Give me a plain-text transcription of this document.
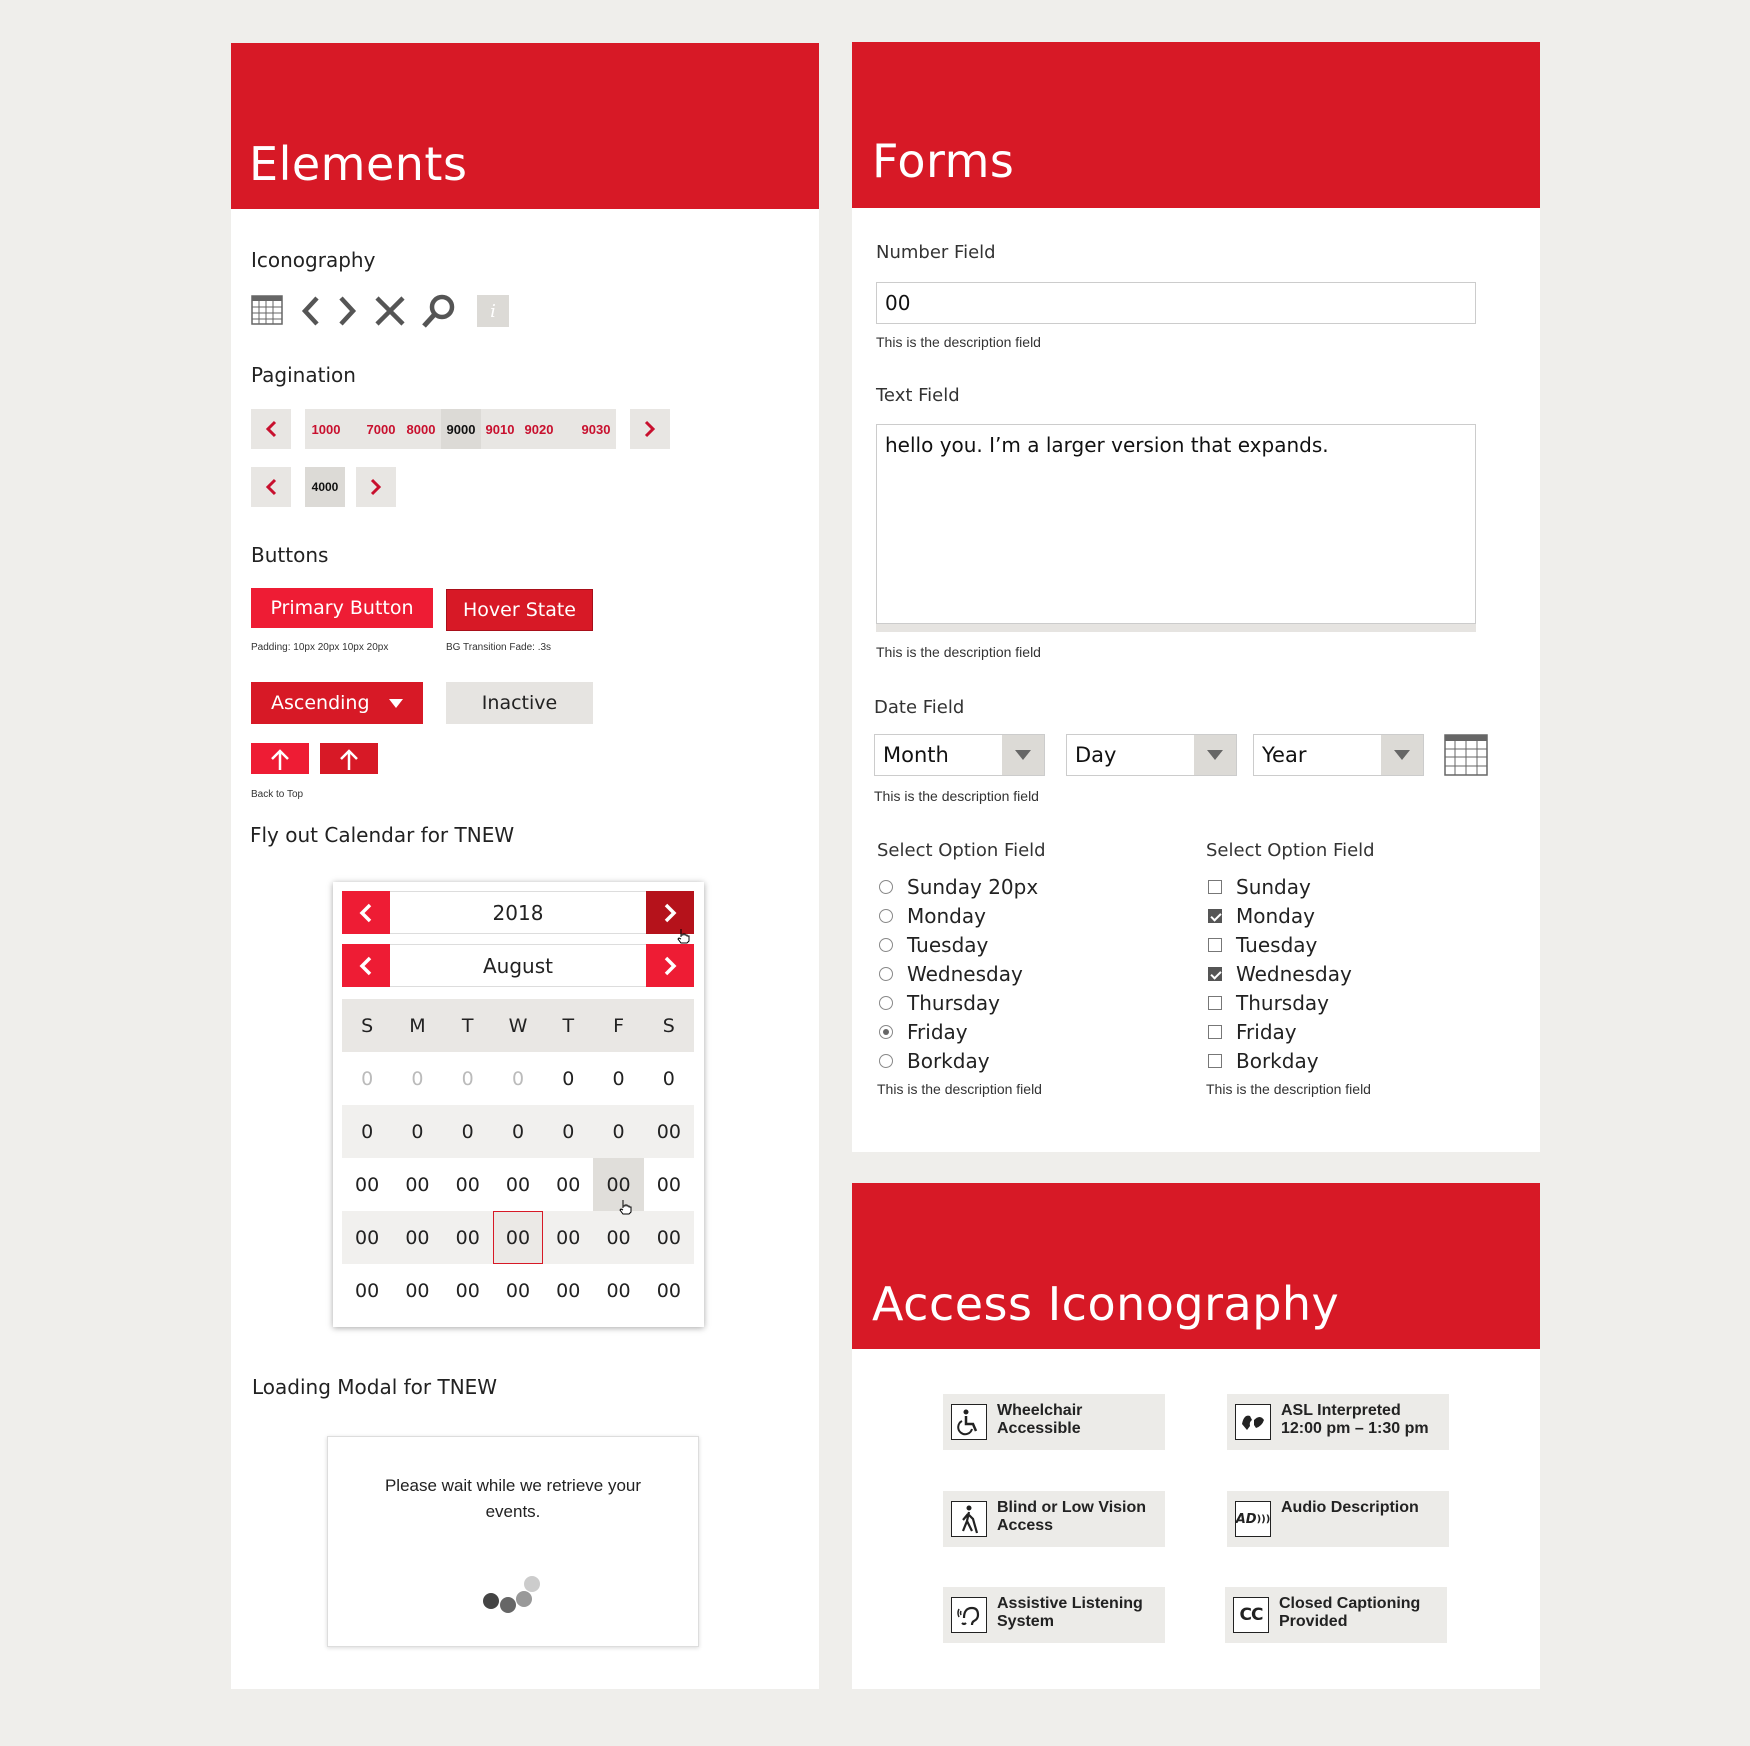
Elements
Iconography
i
Pagination
1000	7000 8000 9000 9010 9020	9030
4000
Buttons
Primary Button	Hover State
Padding: 10px 20px 10px 20px	BG Transition Fade: .3s
Ascending	Inactive
Back to Top
Fly out Calendar for TNEW
Loading Modal for TNEW
2018
August
S	M	T	W	T	F	S
0	0	0	0	0	0	0
0	0	0	0	0	0	00
00	00	00	00	00	00	00
00	00	00	00	00	00	00
00	00	00	00	00	00	00
Please wait while we retrieve your events.
Forms
Number Field
00
This is the description field
Text Field
hello you. I’m a larger version that expands.
This is the description field
Date Field
Month	Day	Year
This is the description field
Select Option Field
Sunday 20px
Monday
Tuesday
Wednesday
Thursday
Friday
Borkday
This is the description field
Select Option Field
Sunday
Monday
Tuesday
Wednesday
Thursday
Friday
Borkday
This is the description field
Access Iconography
Wheelchair
Accessible
ASL Interpreted
12:00 pm – 1:30 pm
Blind or Low Vision
Access	AD )))
Audio Description
Assistive Listening
System	CC
Closed Captioning
Provided
